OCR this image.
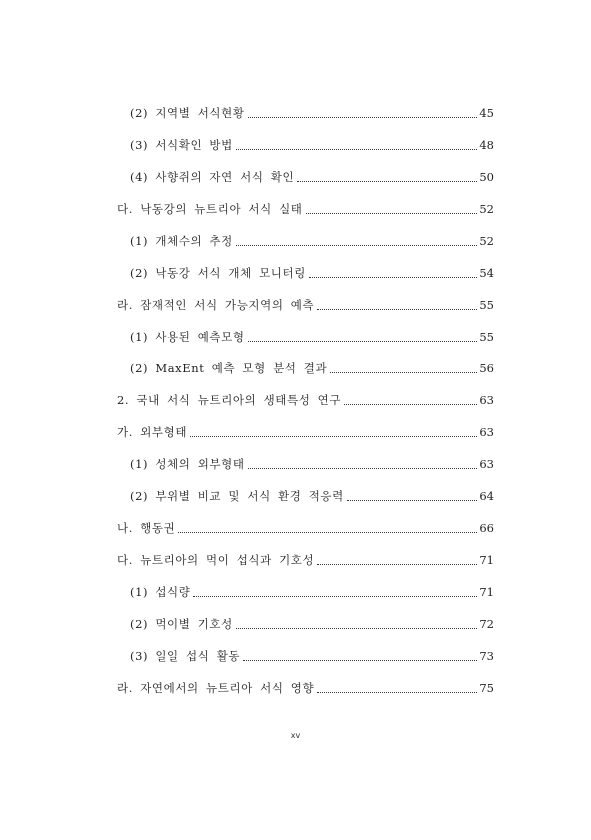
(2) 지역별 서식현황	45
(3) 서식확인 방법	48
(4) 사향쥐의 자연 서식 확인	50
다. 낙동강의 뉴트리아 서식 실태	52
(1) 개체수의 추정	52
(2) 낙동강 서식 개체 모니터링	54
라. 잠재적인 서식 가능지역의 예측	55
(1) 사용된 예측모형	55
(2) MaxEnt 예측 모형 분석 결과	56
2. 국내 서식 뉴트리아의 생태특성 연구	63
가. 외부형태	63
(1) 성체의 외부형태	63
(2) 부위별 비교 및 서식 환경 적응력	64
나. 행동권	66
다. 뉴트리아의 먹이 섭식과 기호성	71
(1) 섭식량	71
(2) 먹이별 기호성	72
(3) 일일 섭식 활동	73
라. 자연에서의 뉴트리아 서식 영향	75
xv
